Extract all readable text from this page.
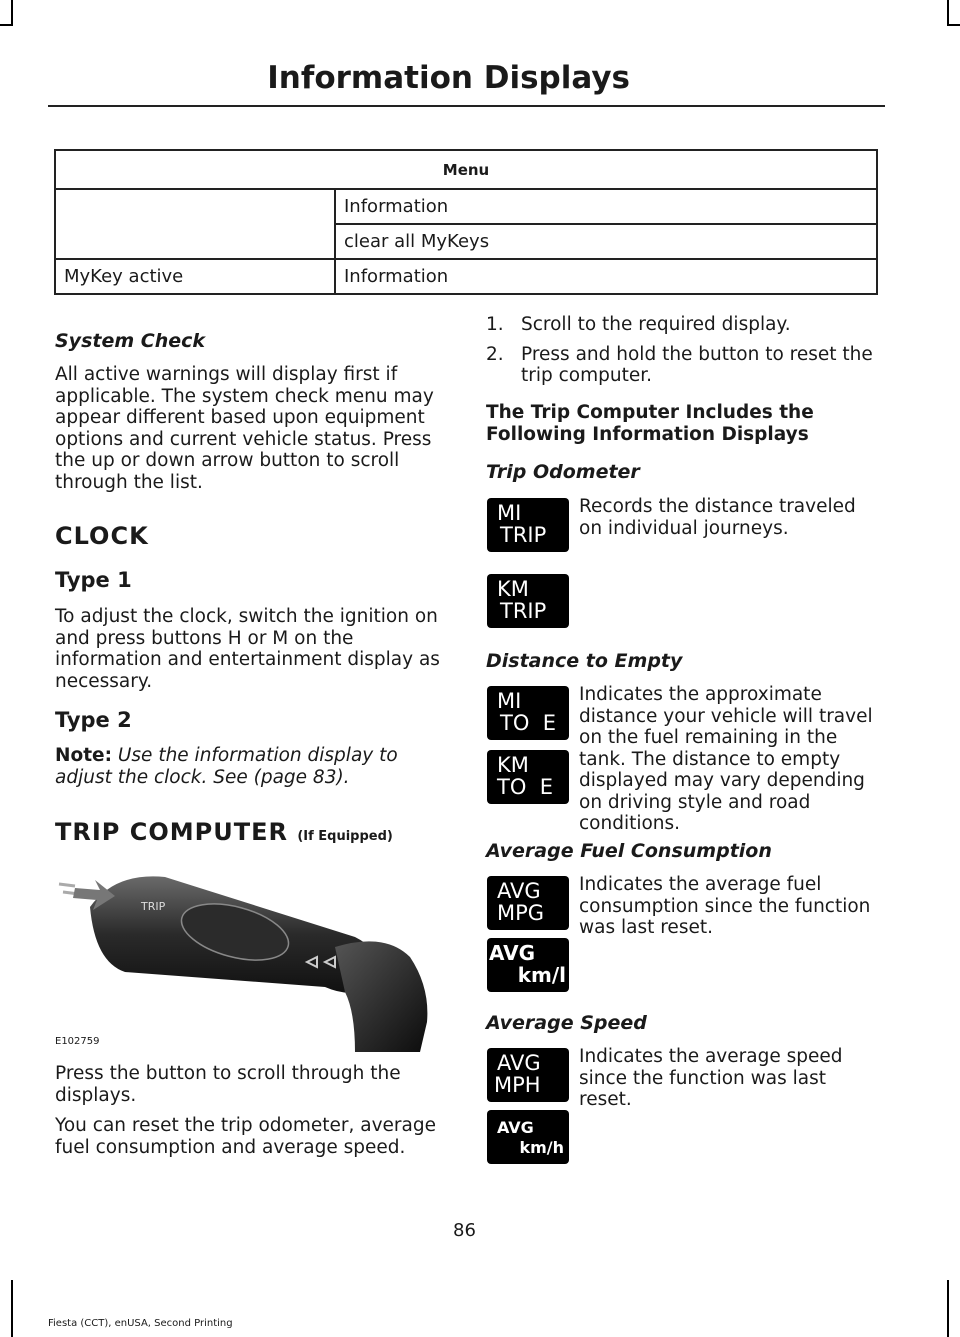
Information Displays
Menu	
	Information
	clear all MyKeys
MyKey active	Information
System Check
All active warnings will display first if applicable. The system check menu may appear different based upon equipment options and current vehicle status. Press the up or down arrow button to scroll through the list.
CLOCK
Type 1
To adjust the clock, switch the ignition on and press buttons H or M on the information and entertainment display as necessary.
Type 2
Note: Use the information display to adjust the clock. See (page 83).
TRIP COMPUTER (If Equipped)
TRIP
E102759
Press the button to scroll through the displays.
You can reset the trip odometer, average fuel consumption and average speed.
1. Scroll to the required display.
2. Press and hold the button to reset the trip computer.
The Trip Computer Includes the Following Information Displays
Trip Odometer
Records the distance traveled on individual journeys.
Distance to Empty
Indicates the approximate distance your vehicle will travel on the fuel remaining in the tank. The distance to empty displayed may vary depending on driving style and road conditions.
Average Fuel Consumption
Indicates the average fuel consumption since the function was last reset.
Average Speed
Indicates the average speed since the function was last reset.
MI
TRIP
KM
TRIP
MI
TO  E
KM
TO  E
AVG
MPG
AVG
km/l
AVG
MPH
AVG
km/h
86
Fiesta (CCT), enUSA, Second Printing
